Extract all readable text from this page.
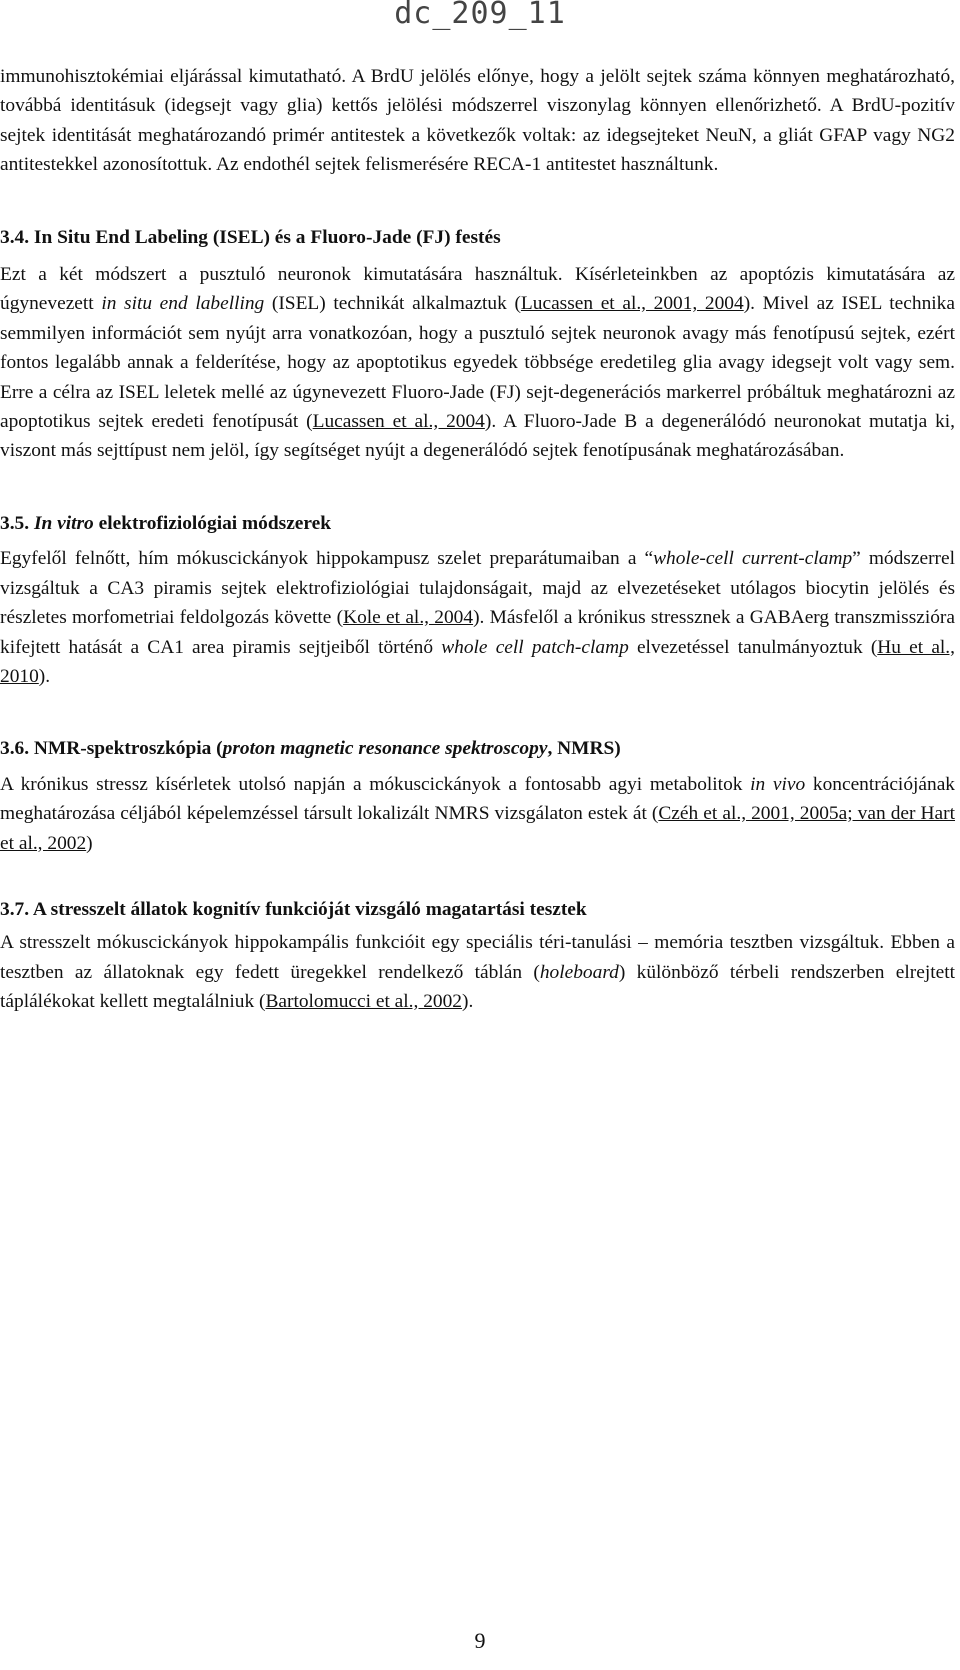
dc_209_11

immunohisztokémiai eljárással kimutatható. A BrdU jelölés előnye, hogy a jelölt sejtek száma könnyen meghatározható, továbbá identitásuk (idegsejt vagy glia) kettős jelölési módszerrel viszonylag könnyen ellenőrizhető. A BrdU-pozitív sejtek identitását meghatározandó primér antitestek a következők voltak: az idegsejteket NeuN, a gliát GFAP vagy NG2 antitestekkel azonosítottuk. Az endothél sejtek felismerésére RECA-1 antitestet használtunk.

3.4. In Situ End Labeling (ISEL) és a Fluoro-Jade (FJ) festés

Ezt a két módszert a pusztuló neuronok kimutatására használtuk. Kísérleteinkben az apoptózis kimutatására az úgynevezett in situ end labelling (ISEL) technikát alkalmaztuk (Lucassen et al., 2001, 2004). Mivel az ISEL technika semmilyen információt sem nyújt arra vonatkozóan, hogy a pusztuló sejtek neuronok avagy más fenotípusú sejtek, ezért fontos legalább annak a felderítése, hogy az apoptotikus egyedek többsége eredetileg glia avagy idegsejt volt vagy sem. Erre a célra az ISEL leletek mellé az úgynevezett Fluoro-Jade (FJ) sejt-degenerációs markerrel próbáltuk meghatározni az apoptotikus sejtek eredeti fenotípusát (Lucassen et al., 2004). A Fluoro-Jade B a degenerálódó neuronokat mutatja ki, viszont más sejttípust nem jelöl, így segítséget nyújt a degenerálódó sejtek fenotípusának meghatározásában.

3.5. In vitro elektrofiziológiai módszerek

Egyfelől felnőtt, hím mókuscickányok hippokampusz szelet preparátumaiban a “whole-cell current-clamp” módszerrel vizsgáltuk a CA3 piramis sejtek elektrofiziológiai tulajdonságait, majd az elvezetéseket utólagos biocytin jelölés és részletes morfometriai feldolgozás követte (Kole et al., 2004). Másfelől a krónikus stressznek a GABAerg transzmisszióra kifejtett hatását a CA1 area piramis sejtjeiből történő whole cell patch-clamp elvezetéssel tanulmányoztuk (Hu et al., 2010).

3.6. NMR-spektroszkópia (proton magnetic resonance spektroscopy, NMRS)

A krónikus stressz kísérletek utolsó napján a mókuscickányok a fontosabb agyi metabolitok in vivo koncentrációjának meghatározása céljából képelemzéssel társult lokalizált NMRS vizsgálaton estek át (Czéh et al., 2001, 2005a; van der Hart et al., 2002)

3.7. A stresszelt állatok kognitív funkcióját vizsgáló magatartási tesztek

A stresszelt mókuscickányok hippokampális funkcióit egy speciális téri-tanulási – memória tesztben vizsgáltuk. Ebben a tesztben az állatoknak egy fedett üregekkel rendelkező táblán (holeboard) különböző térbeli rendszerben elrejtett táplálékokat kellett megtalálniuk (Bartolomucci et al., 2002).

9
